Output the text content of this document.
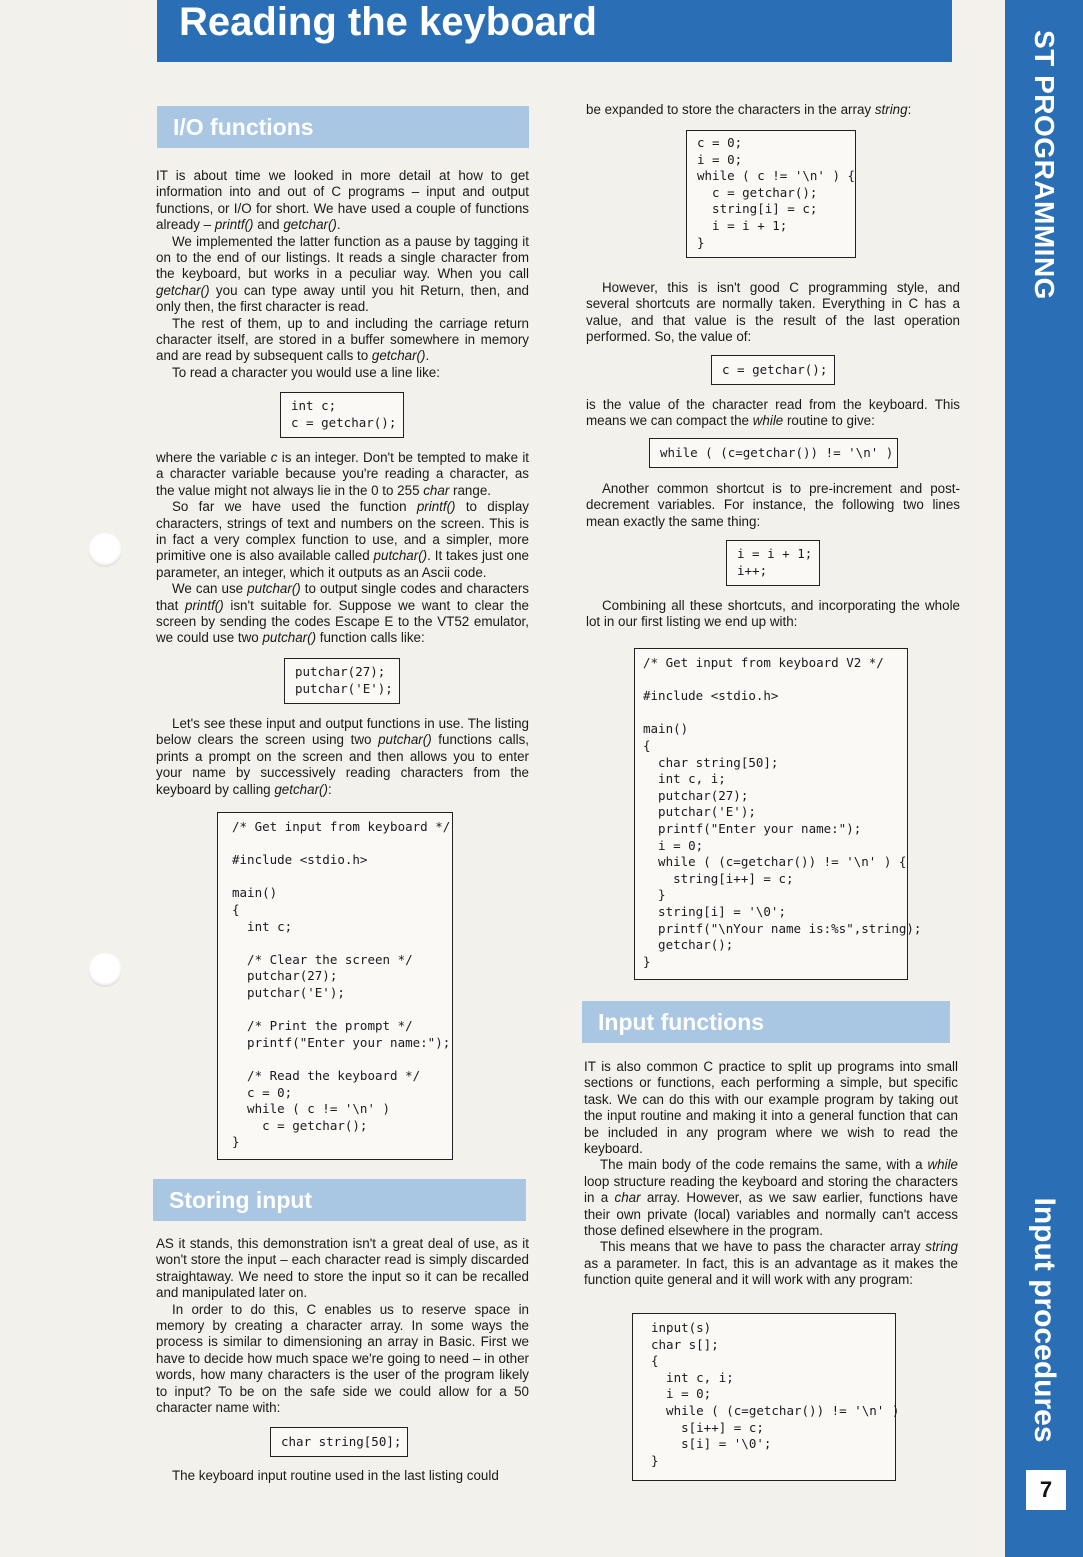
Reading the keyboard
ST PROGRAMMING
Input procedures
7
I/O functions

IT is about time we looked in more detail at how to get information into and out of C programs – input and output functions, or I/O for short. We have used a couple of functions already – printf() and getchar().

We implemented the latter function as a pause by tagging it on to the end of our listings. It reads a single character from the keyboard, but works in a peculiar way. When you call getchar() you can type away until you hit Return, then, and only then, the first character is read.

The rest of them, up to and including the carriage return character itself, are stored in a buffer somewhere in memory and are read by subsequent calls to getchar().

To read a character you would use a line like:

int c;
c = getchar();

where the variable c is an integer. Don't be tempted to make it a character variable because you're reading a character, as the value might not always lie in the 0 to 255 char range.

So far we have used the function printf() to display characters, strings of text and numbers on the screen. This is in fact a very complex function to use, and a simpler, more primitive one is also available called putchar(). It takes just one parameter, an integer, which it outputs as an Ascii code.

We can use putchar() to output single codes and characters that printf() isn't suitable for. Suppose we want to clear the screen by sending the codes Escape E to the VT52 emulator, we could use two putchar() function calls like:

putchar(27);
putchar('E');

Let's see these input and output functions in use. The listing below clears the screen using two putchar() functions calls, prints a prompt on the screen and then allows you to enter your name by successively reading characters from the keyboard by calling getchar():

/* Get input from keyboard */

#include <stdio.h>

main()
{
int c;

/* Clear the screen */
putchar(27);
putchar('E');

/* Print the prompt */
printf("Enter your name:");

/* Read the keyboard */
c = 0;
while ( c != '\n' )
c = getchar();
}
Storing input

AS it stands, this demonstration isn't a great deal of use, as it won't store the input – each character read is simply discarded straightaway. We need to store the input so it can be recalled and manipulated later on.

In order to do this, C enables us to reserve space in memory by creating a character array. In some ways the process is similar to dimensioning an array in Basic. First we have to decide how much space we're going to need – in other words, how many characters is the user of the program likely to input? To be on the safe side we could allow for a 50 character name with:

char string[50];

The keyboard input routine used in the last listing could

be expanded to store the characters in the array string:

c = 0;
i = 0;
while ( c != '\n' ) {
c = getchar();
string[i] = c;
i = i + 1;
}

However, this is isn't good C programming style, and several shortcuts are normally taken. Everything in C has a value, and that value is the result of the last operation performed. So, the value of:

c = getchar();

is the value of the character read from the keyboard. This means we can compact the while routine to give:

while ( (c=getchar()) != '\n' )

Another common shortcut is to pre-increment and post-decrement variables. For instance, the following two lines mean exactly the same thing:

i = i + 1;
i++;

Combining all these shortcuts, and incorporating the whole lot in our first listing we end up with:

/* Get input from keyboard V2 */

#include <stdio.h>

main()
{
char string[50];
int c, i;
putchar(27);
putchar('E');
printf("Enter your name:");
i = 0;
while ( (c=getchar()) != '\n' ) {
string[i++] = c;
}
string[i] = '\0';
printf("\nYour name is:%s",string);
getchar();
}
Input functions

IT is also common C practice to split up programs into small sections or functions, each performing a simple, but specific task. We can do this with our example program by taking out the input routine and making it into a general function that can be included in any program where we wish to read the keyboard.

The main body of the code remains the same, with a while loop structure reading the keyboard and storing the characters in a char array. However, as we saw earlier, functions have their own private (local) variables and normally can't access those defined elsewhere in the program.

This means that we have to pass the character array string as a parameter. In fact, this is an advantage as it makes the function quite general and it will work with any program:

input(s)
char s[];
{
int c, i;
i = 0;
while ( (c=getchar()) != '\n' )
s[i++] = c;
s[i] = '\0';
}
